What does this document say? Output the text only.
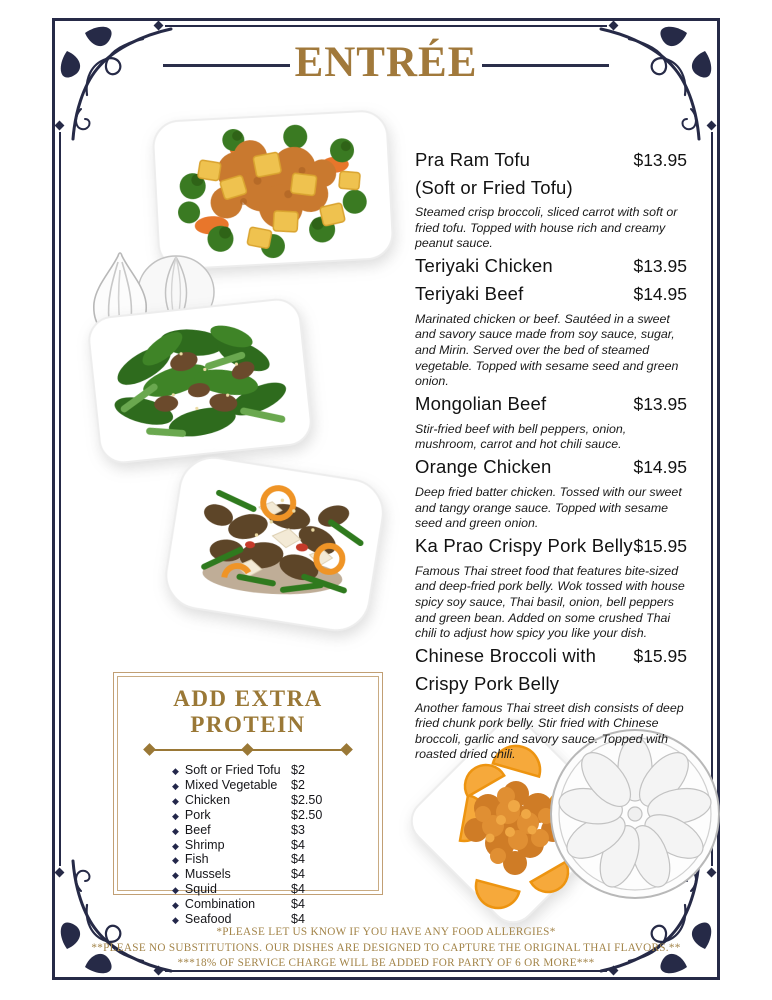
ENTRÉE
Pra Ram Tofu	$13.95
(Soft or Fried Tofu)

Steamed crisp broccoli, sliced carrot with soft or fried tofu. Topped with house rich and creamy peanut sauce.

Teriyaki Chicken	$13.95
Teriyaki Beef	$14.95

Marinated chicken or beef. Sautéed in a sweet and savory sauce made from soy sauce, sugar, and Mirin. Served over the bed of steamed vegetable. Topped with sesame seed and green onion.

Mongolian Beef	$13.95

Stir-fried beef with bell peppers, onion, mushroom, carrot and hot chili sauce.

Orange Chicken	$14.95

Deep fried batter chicken. Tossed with our sweet and tangy orange sauce. Topped with sesame seed and green onion.

Ka Prao Crispy Pork Belly $15.95

Famous Thai street food that features bite-sized and deep-fried pork belly. Wok tossed with house spicy soy sauce, Thai basil, onion, bell peppers and green bean. Added on some crushed Thai chili to adjust how spicy you like your dish.

Chinese Broccoli with $15.95
Crispy Pork Belly

Another famous Thai street dish consists of deep fried chunk pork belly. Stir fried with Chinese broccoli, garlic and savory sauce. Topped with roasted dried chili.

ADD EXTRA PROTEIN
◆ Soft or Fried Tofu $2
◆ Mixed Vegetable $2
◆ Chicken	$2.50
◆ Pork	$2.50
◆ Beef	$3
◆ Shrimp	$4
◆ Fish	$4
◆ Mussels	$4
◆ Squid	$4
◆ Combination	$4
◆ Seafood	$4
*PLEASE LET US KNOW IF YOU HAVE ANY FOOD ALLERGIES*
**PLEASE NO SUBSTITUTIONS. OUR DISHES ARE DESIGNED TO CAPTURE THE ORIGINAL THAI FLAVORS.**
***18% OF SERVICE CHARGE WILL BE ADDED FOR PARTY OF 6 OR MORE***
